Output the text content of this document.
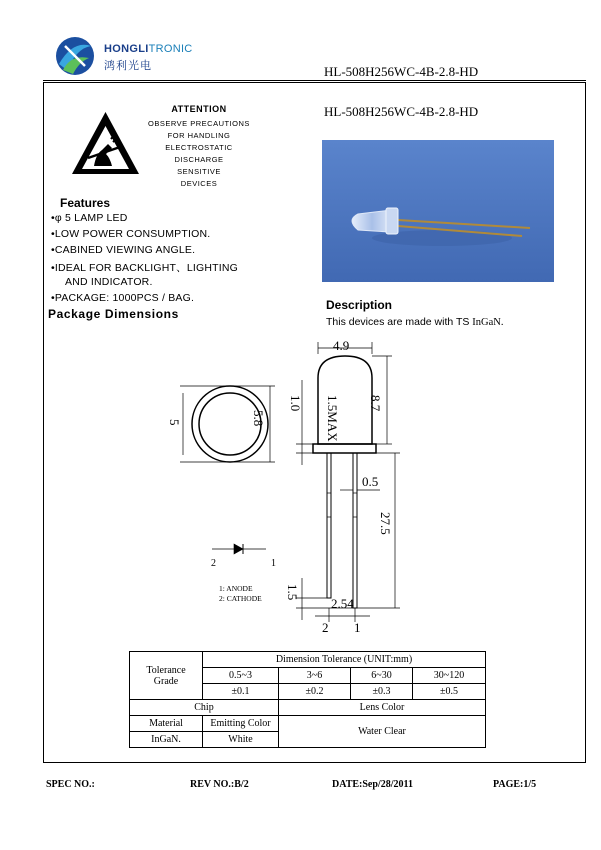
HONGLITRONIC
鸿利光电	HL-508H256WC-4B-2.8-HD
ATTENTION
OBSERVE PRECAUTIONS
FOR HANDLING
ELECTROSTATIC
DISCHARGE
SENSITIVE
DEVICES
HL-508H256WC-4B-2.8-HD
Features
•φ 5 LAMP LED
•LOW POWER CONSUMPTION.
•CABINED VIEWING ANGLE.
•IDEAL FOR BACKLIGHT、LIGHTING
AND INDICATOR.
•PACKAGE: 1000PCS / BAG.
Package Dimensions
Description
This devices are made with TS InGaN.
5	5.8
4.9
1.5MAX
1.0	8.7
0.5
27.5
1.5
2.54
2 1
2	1
1: ANODE
2: CATHODE
Tolerance
Grade	Dimension Tolerance (UNIT:mm)			
	0.5~3	3~6	6~30	30~120
	±0.1	±0.2	±0.3	±0.5
Chip		Lens Color		
Material	Emitting Color	Water Clear		
InGaN.	White			
SPEC NO.:	REV NO.:B/2	DATE:Sep/28/2011	PAGE:1/5
